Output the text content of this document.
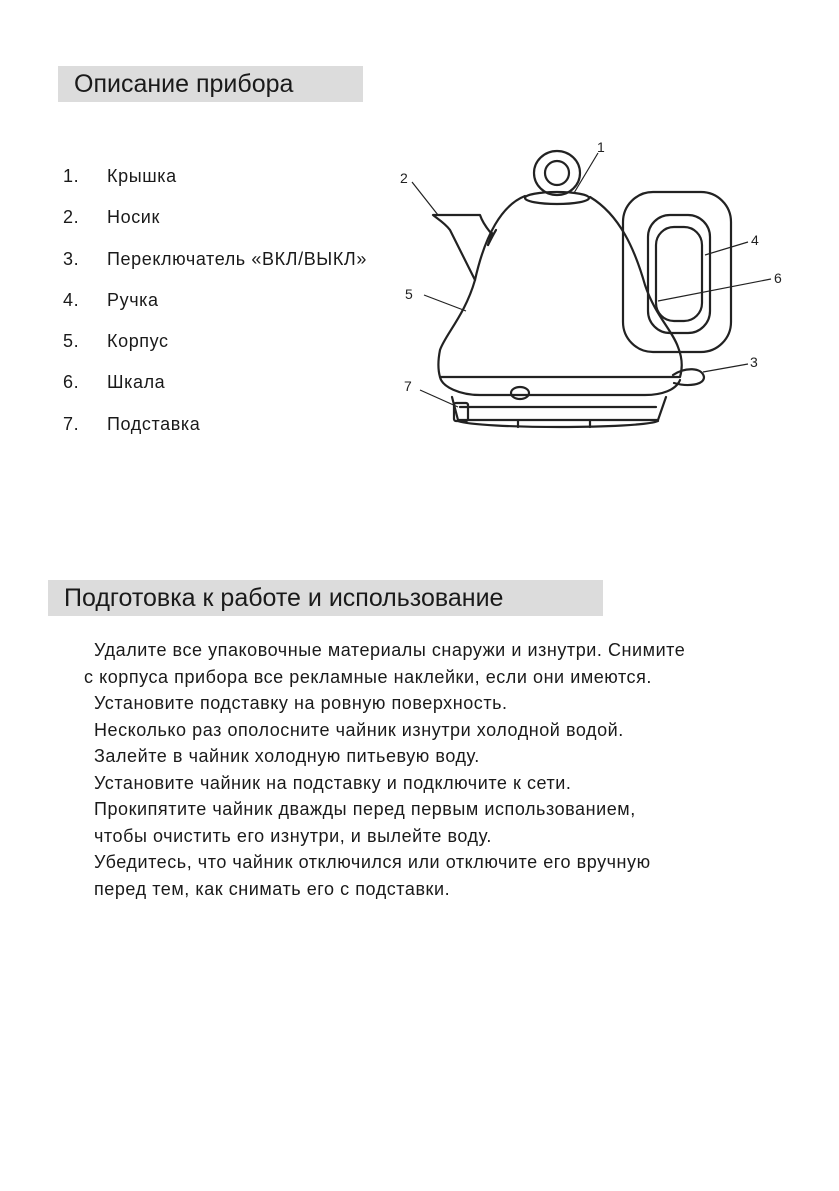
Описание прибора
1.	Крышка
2.	Носик
3.	Переключатель «ВКЛ/ВЫКЛ»
4.	Ручка
5.	Корпус
6.	Шкала
7.	Подставка
1
2
3
4
5
6
7
Подготовка к работе и использование

Удалите все упаковочные материалы снаружи и изнутри. Снимите
с корпуса прибора все рекламные наклейки, если они имеются.

Установите подставку на ровную поверхность.

Несколько раз ополосните чайник изнутри холодной водой.

Залейте в чайник холодную питьевую воду.

Установите чайник на подставку и подключите к сети.

Прокипятите чайник дважды перед первым использованием,
чтобы очистить его изнутри, и вылейте воду.

Убедитесь, что чайник отключился или отключите его вручную
перед тем, как снимать его с подставки.
